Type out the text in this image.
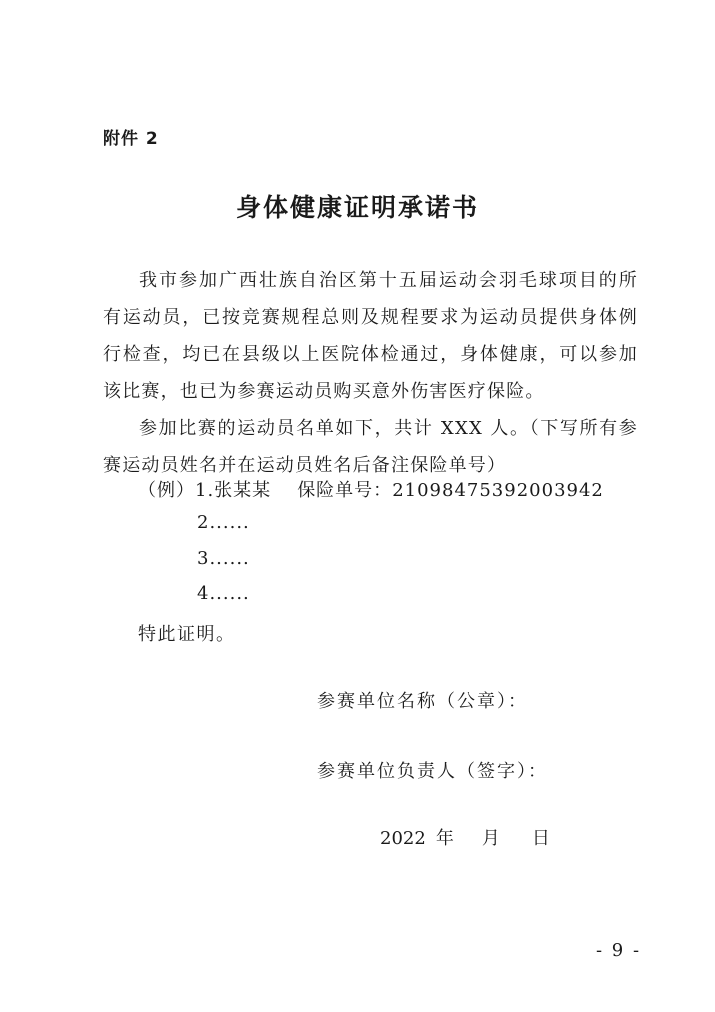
附件 2
身体健康证明承诺书

我市参加广西壮族自治区第十五届运动会羽毛球项目的所有运动员，已按竞赛规程总则及规程要求为运动员提供身体例行检查，均已在县级以上医院体检通过，身体健康，可以参加该比赛，也已为参赛运动员购买意外伤害医疗保险。

参加比赛的运动员名单如下，共计 XXX 人。（下写所有参赛运动员姓名并在运动员姓名后备注保险单号）

（例）1.张某某 保险单号：21098475392003942
2......
3......
4......
特此证明。
参赛单位名称（公章）：
参赛单位负责人（签字）：
2022 年 月 日
- 9 -
